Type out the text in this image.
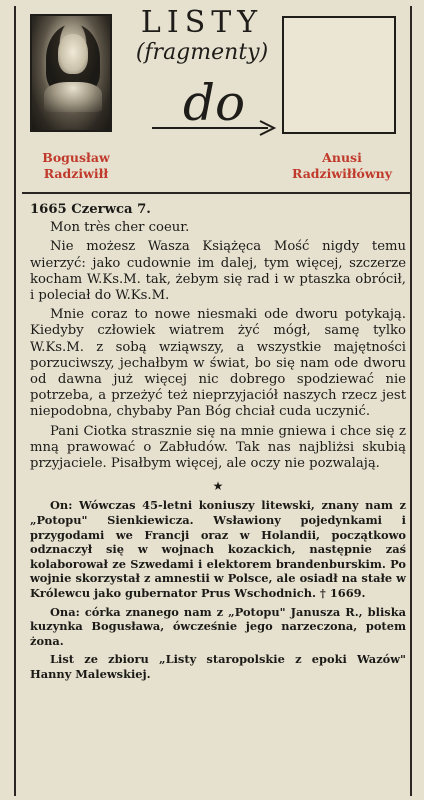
LISTY
(fragmenty)
do
Bogusław
Radziwiłł
Anusi
Radziwiłłówny

1665 Czerwca 7.

Mon très cher coeur.

Nie możesz Wasza Książęca Mość nigdy temu wierzyć: jako cudownie im dalej, tym więcej, szczerze kocham W.Ks.M. tak, żebym się rad i w ptaszka obrócił, i poleciał do W.Ks.M.

Mnie coraz to nowe niesmaki ode dworu potykają. Kiedyby człowiek wiatrem żyć mógł, samę tylko W.Ks.M. z sobą wziąwszy, a wszystkie majętności porzuciwszy, jechałbym w świat, bo się nam ode dworu od dawna już więcej nic dobrego spodziewać nie potrzeba, a przeżyć też nieprzyjaciół naszych rzecz jest niepodobna, chybaby Pan Bóg chciał cuda uczynić.

Pani Ciotka strasznie się na mnie gniewa i chce się z mną prawować o Zabłudów. Tak nas najbliżsi skubią przyjaciele. Pisałbym więcej, ale oczy nie pozwalają.

★

On: Wówczas 45-letni koniuszy litewski, znany nam z „Potopu" Sienkiewicza. Wsławiony pojedynkami i przygodami we Francji oraz w Holandii, początkowo odznaczył się w wojnach kozackich, następnie zaś kolaborował ze Szwedami i elektorem brandenburskim. Po wojnie skorzystał z amnestii w Polsce, ale osiadł na stałe w Królewcu jako gubernator Prus Wschodnich. † 1669.

Ona: córka znanego nam z „Potopu" Janusza R., bliska kuzynka Bogusława, ówcześnie jego narzeczona, potem żona.

List ze zbioru „Listy staropolskie z epoki Wazów" Hanny Malewskiej.
